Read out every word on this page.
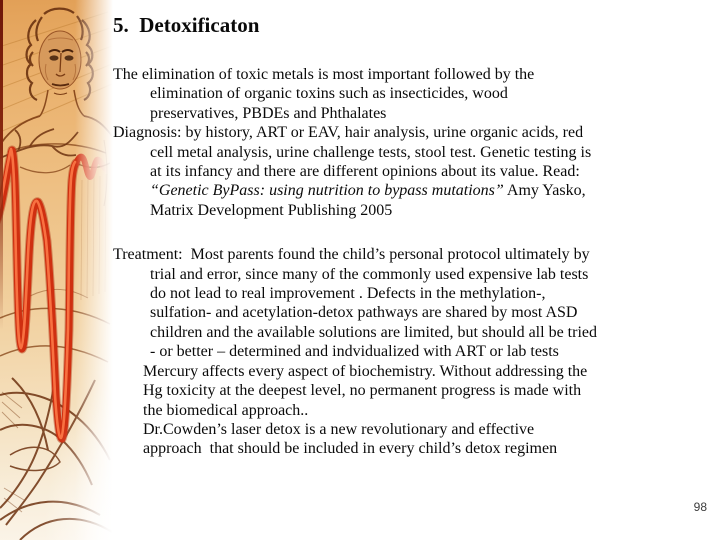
5.  Detoxificaton
The elimination of toxic metals is most important followed by the
elimination of organic toxins such as insecticides, wood
preservatives, PBDEs and Phthalates
Diagnosis: by history, ART or EAV, hair analysis, urine organic acids, red
cell metal analysis, urine challenge tests, stool test. Genetic testing is
at its infancy and there are different opinions about its value. Read:
“Genetic ByPass: using nutrition to bypass mutations” Amy Yasko,
Matrix Development Publishing 2005
Treatment:  Most parents found the child’s personal protocol ultimately by
trial and error, since many of the commonly used expensive lab tests
do not lead to real improvement . Defects in the methylation-,
sulfation- and acetylation-detox pathways are shared by most ASD
children and the available solutions are limited, but should all be tried
- or better – determined and indvidualized with ART or lab tests
Mercury affects every aspect of biochemistry. Without addressing the
Hg toxicity at the deepest level, no permanent progress is made with
the biomedical approach..
Dr.Cowden’s laser detox is a new revolutionary and effective
approach  that should be included in every child’s detox regimen
98
